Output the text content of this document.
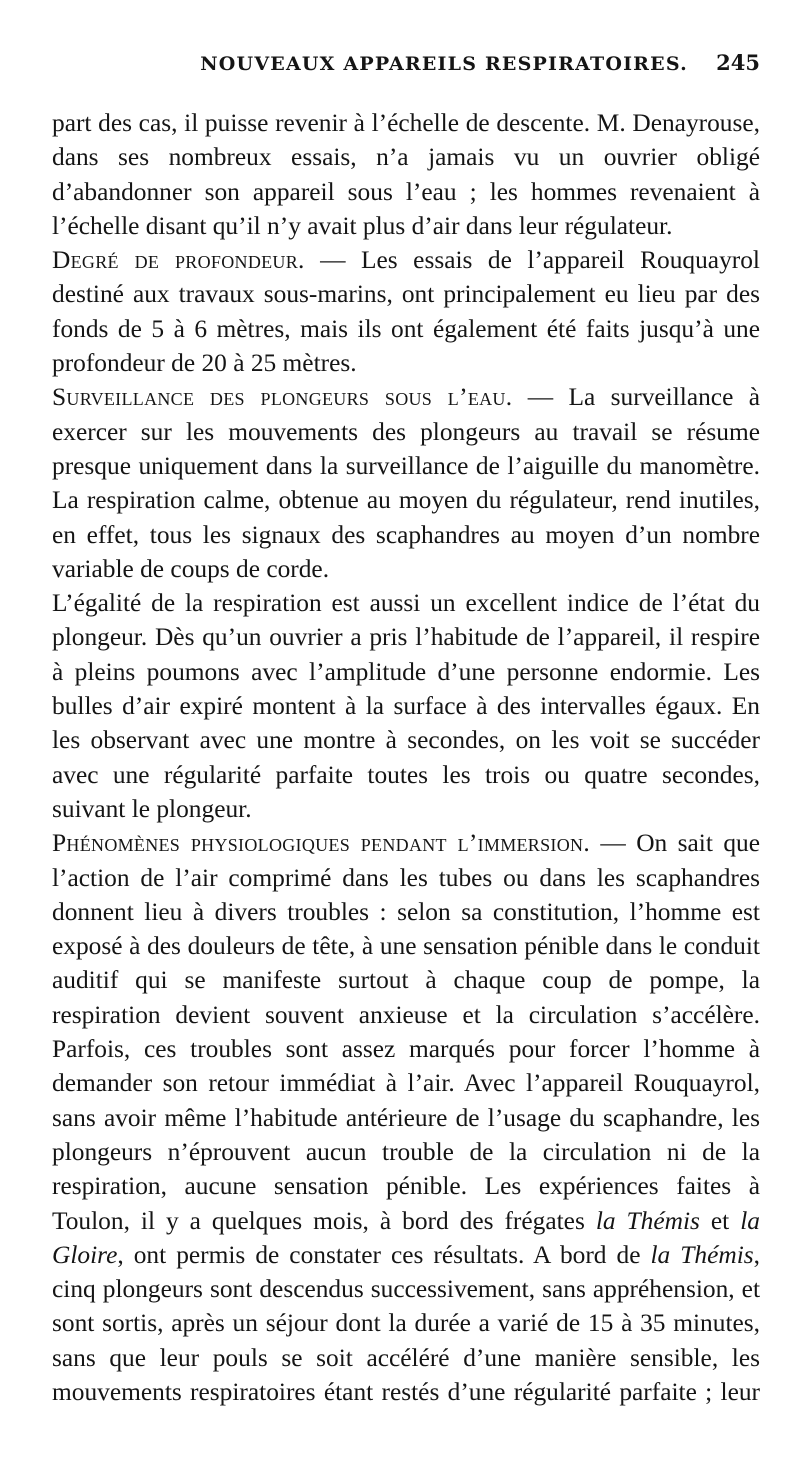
NOUVEAUX APPAREILS RESPIRATOIRES.	245

part des cas, il puisse revenir à l’échelle de descente. M. Denayrouse, dans ses nombreux essais, n’a jamais vu un ouvrier obligé d’abandonner son appareil sous l’eau ; les hommes revenaient à l’échelle disant qu’il n’y avait plus d’air dans leur régulateur.

Degré de profondeur. — Les essais de l’appareil Rouquayrol destiné aux travaux sous-marins, ont principalement eu lieu par des fonds de 5 à 6 mètres, mais ils ont également été faits jusqu’à une profondeur de 20 à 25 mètres.

Surveillance des plongeurs sous l’eau. — La surveillance à exercer sur les mouvements des plongeurs au travail se résume presque uniquement dans la surveillance de l’aiguille du manomètre. La respiration calme, obtenue au moyen du régulateur, rend inutiles, en effet, tous les signaux des scaphandres au moyen d’un nombre variable de coups de corde.

L’égalité de la respiration est aussi un excellent indice de l’état du plongeur. Dès qu’un ouvrier a pris l’habitude de l’appareil, il respire à pleins poumons avec l’amplitude d’une personne endormie. Les bulles d’air expiré montent à la surface à des intervalles égaux. En les observant avec une montre à secondes, on les voit se succéder avec une régularité parfaite toutes les trois ou quatre secondes, suivant le plongeur.

Phénomènes physiologiques pendant l’immersion. — On sait que l’action de l’air comprimé dans les tubes ou dans les scaphandres donnent lieu à divers troubles : selon sa constitution, l’homme est exposé à des douleurs de tête, à une sensation pénible dans le conduit auditif qui se manifeste surtout à chaque coup de pompe, la respiration devient souvent anxieuse et la circulation s’accélère. Parfois, ces troubles sont assez marqués pour forcer l’homme à demander son retour immédiat à l’air. Avec l’appareil Rouquayrol, sans avoir même l’habitude antérieure de l’usage du scaphandre, les plongeurs n’éprouvent aucun trouble de la circulation ni de la respiration, aucune sensation pénible. Les expériences faites à Toulon, il y a quelques mois, à bord des frégates la Thémis et la Gloire, ont permis de constater ces résultats. A bord de la Thémis, cinq plongeurs sont descendus successivement, sans appréhension, et sont sortis, après un séjour dont la durée a varié de 15 à 35 minutes, sans que leur pouls se soit accéléré d’une manière sensible, les mouvements respiratoires étant restés d’une régularité parfaite ; leur
